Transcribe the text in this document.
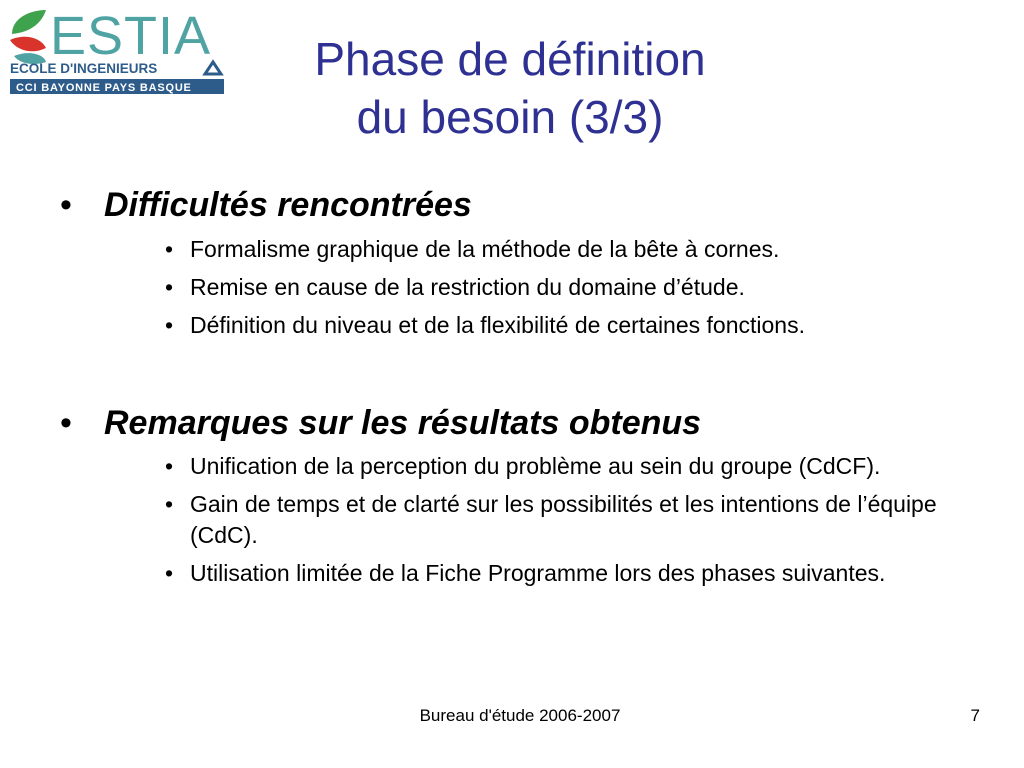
ESTIA
ECOLE D'INGENIEURS
CCI BAYONNE PAYS BASQUE
Phase de définition
du besoin (3/3)
• Difficultés rencontrées
• Formalisme graphique de la méthode de la bête à cornes.
• Remise en cause de la restriction du domaine d’étude.
• Définition du niveau et de la flexibilité de certaines fonctions.
• Remarques sur les résultats obtenus
• Unification de la perception du problème au sein du groupe (CdCF).
• Gain de temps et de clarté sur les possibilités et les intentions de l’équipe (CdC).
• Utilisation limitée de la Fiche Programme lors des phases suivantes.
Bureau d'étude 2006-2007	7
